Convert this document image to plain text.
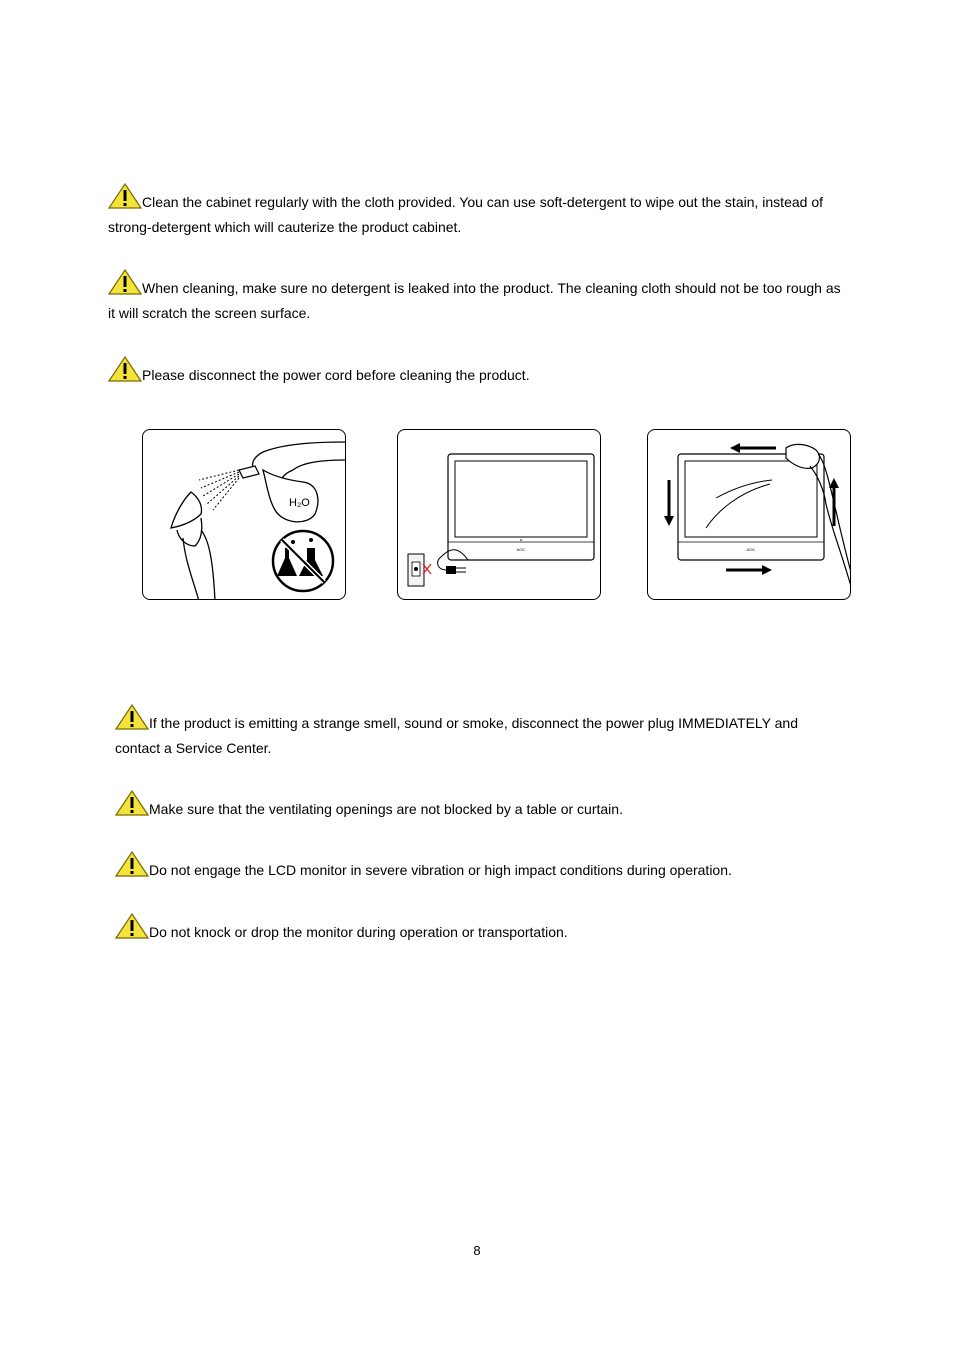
Clean the cabinet regularly with the cloth provided. You can use soft-detergent to wipe out the stain, instead of strong-detergent which will cauterize the product cabinet.
When cleaning, make sure no detergent is leaked into the product. The cleaning cloth should not be too rough as it will scratch the screen surface.
Please disconnect the power cord before cleaning the product.
H₂O
AOC	AOC
If the product is emitting a strange smell, sound or smoke, disconnect the power plug IMMEDIATELY and contact a Service Center.
Make sure that the ventilating openings are not blocked by a table or curtain.
Do not engage the LCD monitor in severe vibration or high impact conditions during operation.
Do not knock or drop the monitor during operation or transportation.
8
